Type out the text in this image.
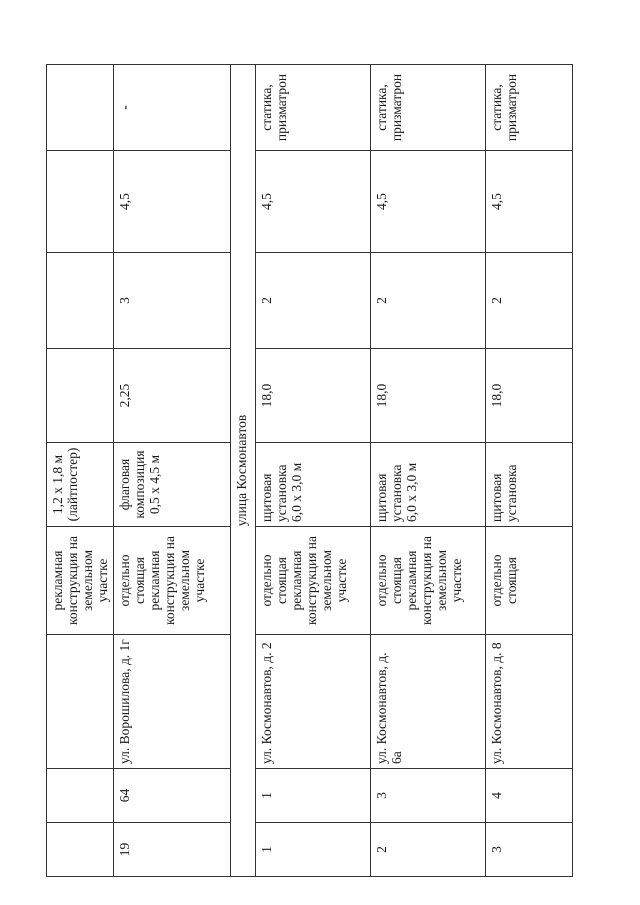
			рекламная конструкция на земельном участке	1,2 х 1,8 м (лайтпостер)				
19	64	ул. Ворошилова, д. 1г	отдельно стоящая рекламная конструкция на земельном участке	флаговая композиция 0,5 х 4,5 м	2,25	3	4,5	-
улица Космонавтов								
1	1	ул. Космонавтов, д. 2	отдельно стоящая рекламная конструкция на земельном участке	щитовая установка 6,0 х 3,0 м	18,0	2	4,5	статика, призматрон
2	3	ул. Космонавтов, д. 6а	отдельно стоящая рекламная конструкция на земельном участке	щитовая установка 6,0 х 3,0 м	18,0	2	4,5	статика, призматрон
3	4	ул. Космонавтов, д. 8	отдельно стоящая	щитовая установка	18,0	2	4,5	статика, призматрон
